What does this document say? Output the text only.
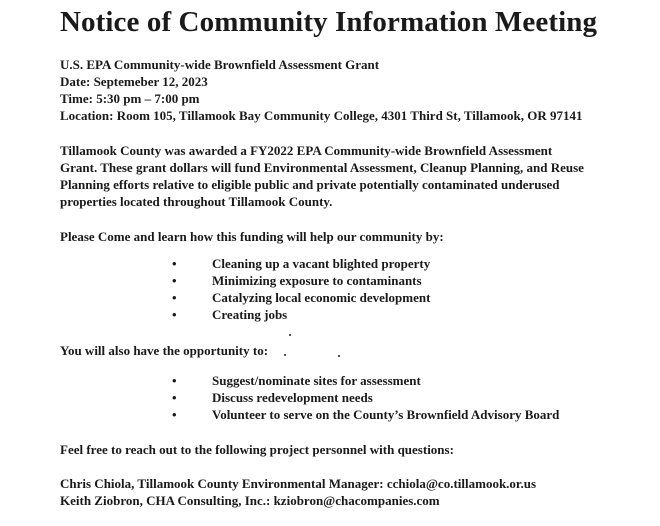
Notice of Community Information Meeting
U.S. EPA Community-wide Brownfield Assessment Grant
Date: Septemeber 12, 2023
Time: 5:30 pm – 7:00 pm
Location: Room 105, Tillamook Bay Community College, 4301 Third St, Tillamook, OR 97141
Tillamook County was awarded a FY2022 EPA Community-wide Brownfield Assessment
Grant. These grant dollars will fund Environmental Assessment, Cleanup Planning, and Reuse
Planning efforts relative to eligible public and private potentially contaminated underused
properties located throughout Tillamook County.
Please Come and learn how this funding will help our community by:
•	Cleaning up a vacant blighted property
•	Minimizing exposure to contaminants
•	Catalyzing local economic development
•	Creating jobs
You will also have the opportunity to:
•	Suggest/nominate sites for assessment
•	Discuss redevelopment needs
•	Volunteer to serve on the County’s Brownfield Advisory Board
Feel free to reach out to the following project personnel with questions:
Chris Chiola, Tillamook County Environmental Manager: cchiola@co.tillamook.or.us
Keith Ziobron, CHA Consulting, Inc.: kziobron@chacompanies.com
